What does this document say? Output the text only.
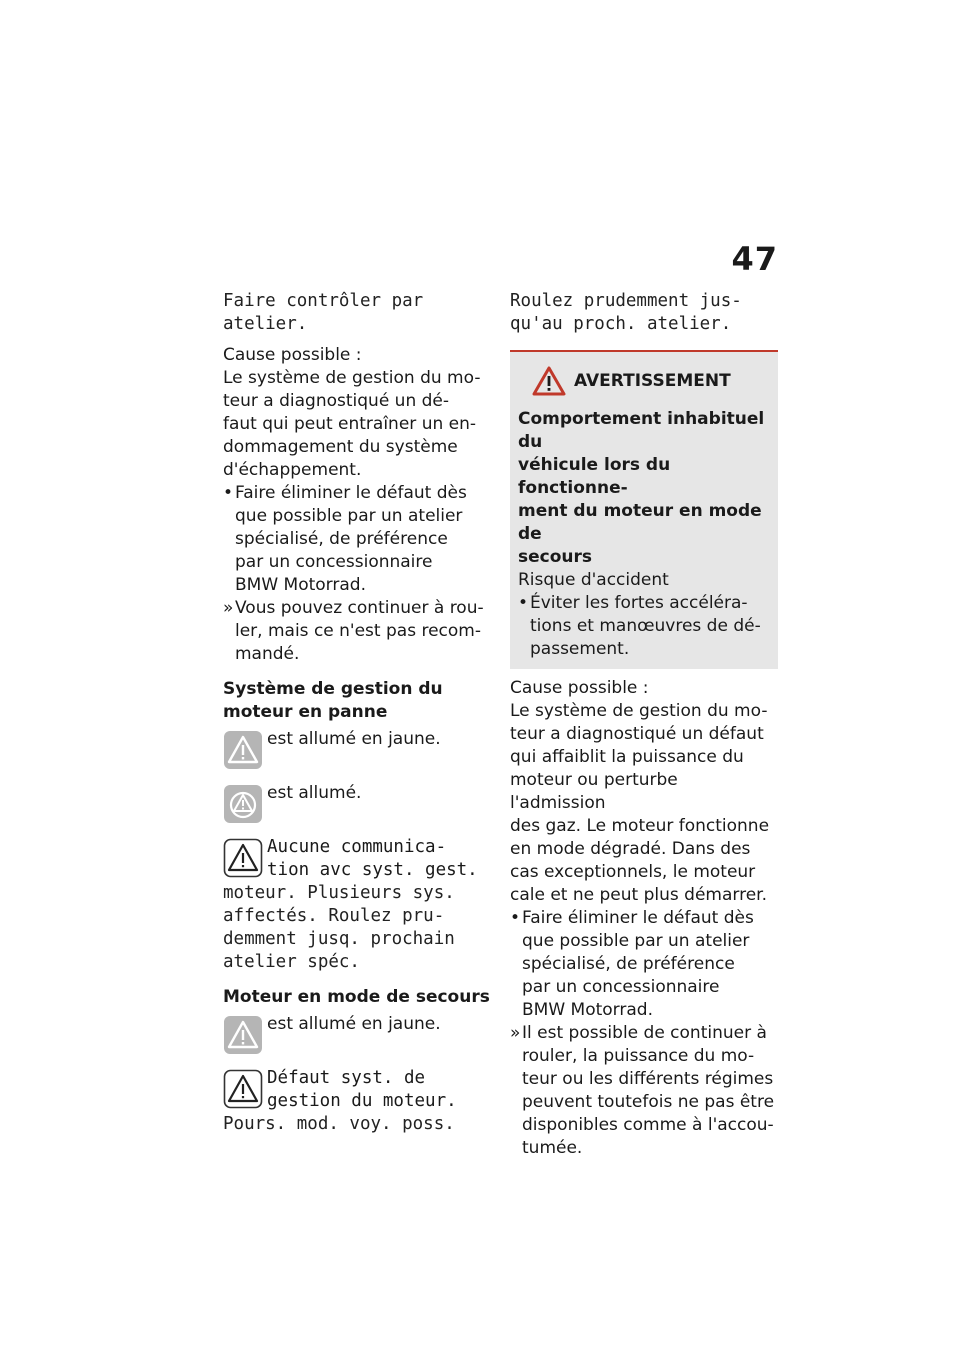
47
Faire contrôler par
atelier.
Cause possible :
Le système de gestion du mo-
teur a diagnostiqué un dé-
faut qui peut entraîner un en-
dommagement du système
d'échappement.
• Faire éliminer le défaut dès
que possible par un atelier
spécialisé, de préférence
par un concessionnaire
BMW Motorrad.
» Vous pouvez continuer à rou-
ler, mais ce n'est pas recom-
mandé.
Système de gestion du
moteur en panne
est allumé en jaune.
est allumé.
Aucune communica-
tion avc syst. gest.
moteur. Plusieurs sys.
affectés. Roulez pru-
demment jusq. prochain
atelier spéc.
Moteur en mode de secours
est allumé en jaune.
Défaut syst. de
gestion du moteur.
Pours. mod. voy. poss.
Roulez prudemment jus-
qu'au proch. atelier.
AVERTISSEMENT
Comportement inhabituel du
véhicule lors du fonctionne-
ment du moteur en mode de
secours
Risque d'accident
• Éviter les fortes accéléra-
tions et manœuvres de dé-
passement.
Cause possible :
Le système de gestion du mo-
teur a diagnostiqué un défaut
qui affaiblit la puissance du
moteur ou perturbe l'admission
des gaz. Le moteur fonctionne
en mode dégradé. Dans des
cas exceptionnels, le moteur
cale et ne peut plus démarrer.
• Faire éliminer le défaut dès
que possible par un atelier
spécialisé, de préférence
par un concessionnaire
BMW Motorrad.
» Il est possible de continuer à
rouler, la puissance du mo-
teur ou les différents régimes
peuvent toutefois ne pas être
disponibles comme à l'accou-
tumée.
